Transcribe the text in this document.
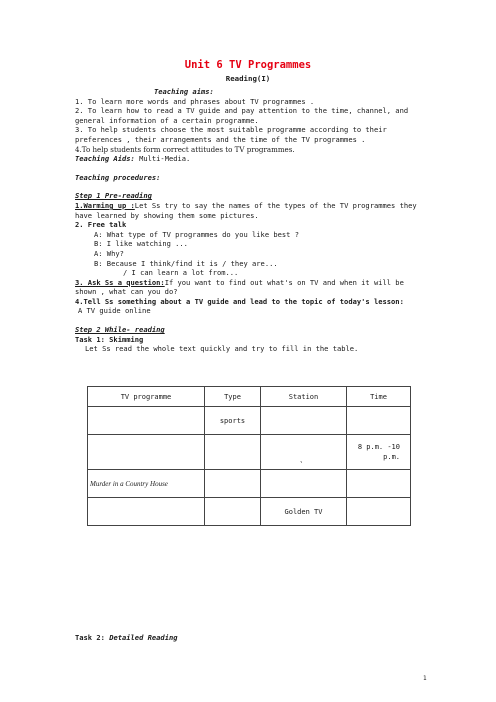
Unit 6 TV Programmes
Reading(I)
Teaching aims:
1. To learn more words and phrases about TV programmes .
2. To learn how to read a TV guide and pay attention to the time, channel, and general information of a certain programme.
3. To help students choose the most suitable programme according to their preferences , their arrangements and the time of the TV programmes .
4.To help students form correct attitudes to TV programmes.
Teaching Aids: Multi-Media.
Teaching procedures:
Step 1 Pre-reading
1.Warming up :Let Ss try to say the names of the types of the TV programmes they have learned by showing them some pictures.
2. Free talk
A: What type of TV programmes do you like best ?
B: I like watching ...
A: Why?
B: Because I think/find it is / they are...
/ I can learn a lot from...
3. Ask Ss a question:If you want to find out what's on TV and when it will be shown , what can you do?
4.Tell Ss something about a TV guide and lead to the topic of today's lesson:
A TV guide online
Step 2 While- reading
Task 1: Skimming
Let Ss read the whole text quickly and try to fill in the table.
TV programme	Type	Station	Time
	sports		
		、	8 p.m. -10
p.m.

Murder in a Country House			
		Golden TV	
Task 2: Detailed Reading
1
